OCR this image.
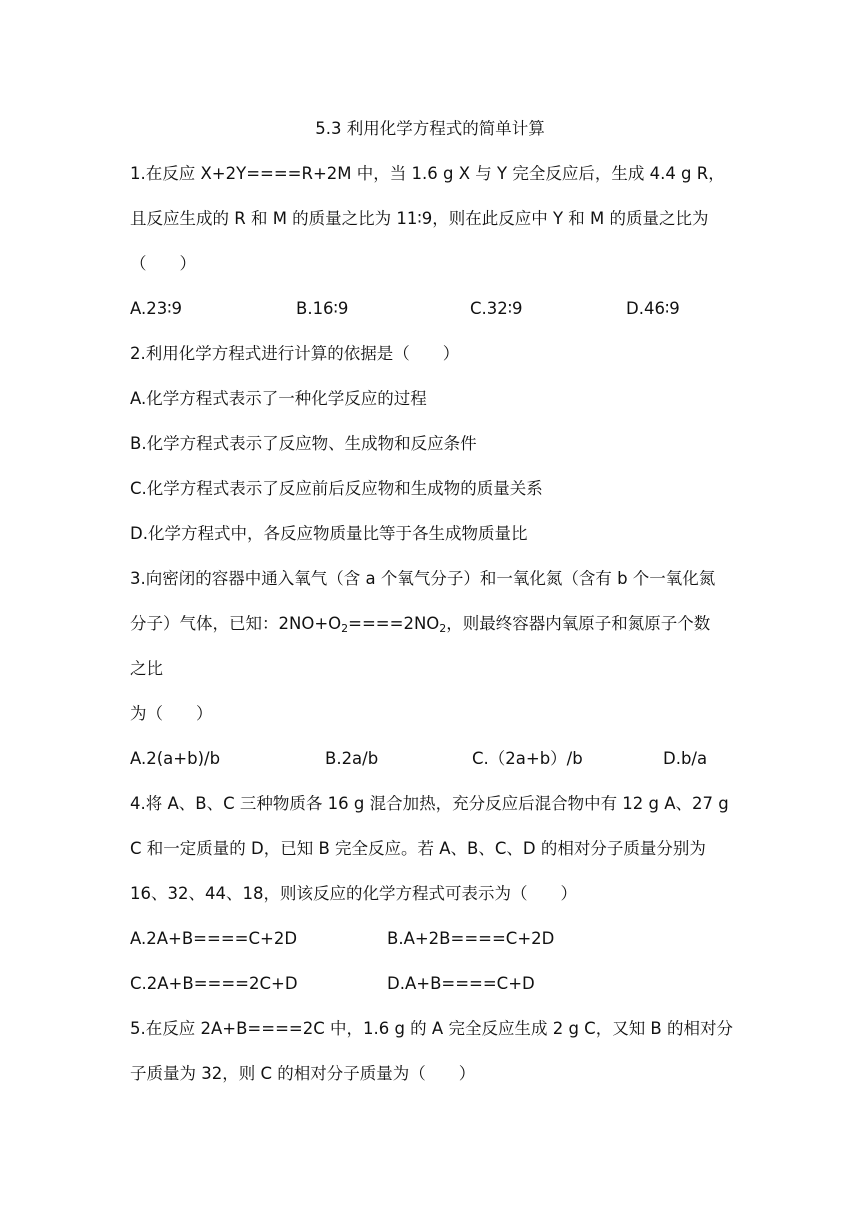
5.3 利用化学方程式的简单计算
1.在反应 X+2Y====R+2M 中，当 1.6 g X 与 Y 完全反应后，生成 4.4 g R，
且反应生成的 R 和 M 的质量之比为 11∶9，则在此反应中 Y 和 M 的质量之比为
（　　）
A.23∶9	B.16∶9	C.32∶9	D.46∶9
2.利用化学方程式进行计算的依据是（　　）
A.化学方程式表示了一种化学反应的过程
B.化学方程式表示了反应物、生成物和反应条件
C.化学方程式表示了反应前后反应物和生成物的质量关系
D.化学方程式中，各反应物质量比等于各生成物质量比
3.向密闭的容器中通入氧气（含 a 个氧气分子）和一氧化氮（含有 b 个一氧化氮
分子）气体，已知：$2NO+O_2====2NO_2$，则最终容器内氧原子和氮原子个数
之比
为（　　）
A.2(a+b)/b	B.2a/b	C.（2a+b）/b	D.b/a
4.将 A、B、C 三种物质各 16 g 混合加热，充分反应后混合物中有 12 g A、27 g
C 和一定质量的 D，已知 B 完全反应。若 A、B、C、D 的相对分子质量分别为
16、32、44、18，则该反应的化学方程式可表示为（　　）
A.2A+B====C+2D	B.A+2B====C+2D
C.2A+B====2C+D	D.A+B====C+D
5.在反应 2A+B====2C 中，1.6 g 的 A 完全反应生成 2 g C，又知 B 的相对分
子质量为 32，则 C 的相对分子质量为（　　）
